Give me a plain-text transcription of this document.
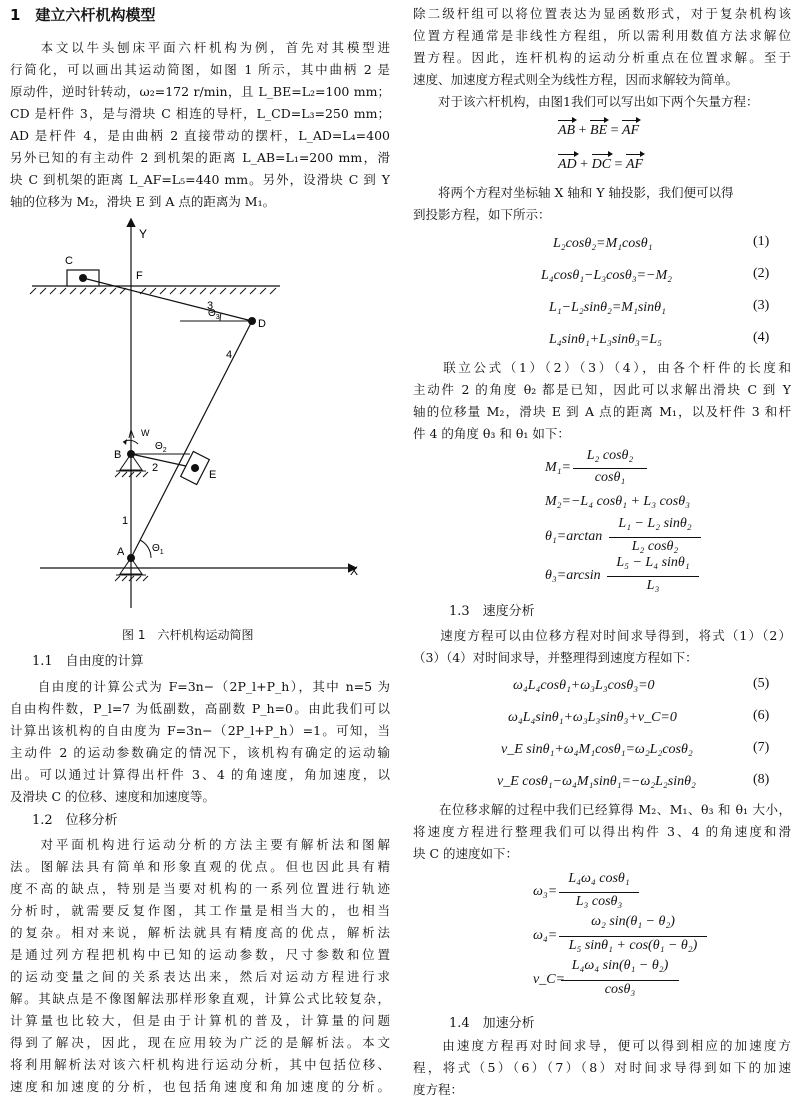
1　建立六杆机构模型
　　本文以牛头刨床平面六杆机构为例，首先对其模型进
行简化，可以画出其运动简图，如图 1 所示，其中曲柄 2 是
原动件，逆时针转动，ω₂=172 r/min，且 L_BE=L₂=100 mm；
CD 是杆件 3，是与滑块 C 相连的导杆，L_CD=L₃=250 mm；
AD 是杆件 4，是由曲柄 2 直接带动的摆杆，L_AD=L₄=400
另外已知的有主动件 2 到机架的距离 L_AB=L₁=200 mm，滑
块 C 到机架的距离 L_AF=L₅=440 mm。另外，设滑块 C 到 Y
轴的位移为 M₂，滑块 E 到 A 点的距离为 M₁。
Y
X
C
F
D
B
E
A
W
$\Theta_3$
$\Theta_2$
$\Theta_1$
1
2
3
4
图 1　六杆机构运动简图
1.1　自由度的计算
　　自由度的计算公式为 F=3n−（2P_l+P_h），其中 n=5 为
自由构件数，P_l=7 为低副数，高副数 P_h=0。由此我们可以
计算出该机构的自由度为 F=3n−（2P_l+P_h）=1。可知，当
主动件 2 的运动参数确定的情况下，该机构有确定的运动输
出。可以通过计算得出杆件 3、4 的角速度，角加速度，以
及滑块 C 的位移、速度和加速度等。
1.2　位移分析
　　对平面机构进行运动分析的方法主要有解析法和图解
法。图解法具有简单和形象直观的优点。但也因此具有精
度不高的缺点，特别是当要对机构的一系列位置进行轨迹
分析时，就需要反复作图，其工作量是相当大的，也相当
的复杂。相对来说，解析法就具有精度高的优点，解析法
是通过列方程把机构中已知的运动参数，尺寸参数和位置
的运动变量之间的关系表达出来，然后对运动方程进行求
解。其缺点是不像图解法那样形象直观，计算公式比较复杂，
计算量也比较大，但是由于计算机的普及，计算量的问题
得到了解决，因此，现在应用较为广泛的是解析法。本文
将利用解析法对该六杆机构进行运动分析，其中包括位移、
速度和加速度的分析，也包括角速度和角加速度的分析。
除二级杆组可以将位置表达为显函数形式，对于复杂机构该
位置方程通常是非线性方程组，所以需利用数值方法求解位
置方程。因此，连杆机构的运动分析重点在位置求解。至于
速度、加速度方程式则全为线性方程，因而求解较为简单。
　　对于该六杆机构，由图1我们可以写出如下两个矢量方程：
AB + BE = AF
AD + DC = AF
　　将两个方程对坐标轴 X 轴和 Y 轴投影，我们便可以得
到投影方程，如下所示：
L₂cosθ₂=M₁cosθ₁	(1)
L₄cosθ₁−L₃cosθ₃=−M₂	(2)
L₁−L₂sinθ₂=M₁sinθ₁	(3)
L₄sinθ₁+L₃sinθ₃=L₅	(4)
　　联立公式（1）（2）（3）（4），由各个杆件的长度和
主动件 2 的角度 θ₂ 都是已知，因此可以求解出滑块 C 到 Y
轴的位移量 M₂，滑块 E 到 A 点的距离 M₁，以及杆件 3 和杆
件 4 的角度 θ₃ 和 θ₁ 如下：
M₁=
L₂ cosθ₂
cosθ₁
M₂=−L₄ cosθ₁ + L₃ cosθ₃
θ₁=arctan
L₁ − L₂ sinθ₂
L₂ cosθ₂
θ₃=arcsin
L₅ − L₄ sinθ₁
L₃
1.3　速度分析
　　速度方程可以由位移方程对时间求导得到，将式（1）（2）
（3）（4）对时间求导，并整理得到速度方程如下：
ω₄L₄cosθ₁+ω₃L₃cosθ₃=0	(5)
ω₄L₄sinθ₁+ω₃L₃sinθ₃+v_C=0	(6)
v_E sinθ₁+ω₄M₁cosθ₁=ω₂L₂cosθ₂	(7)
v_E cosθ₁−ω₄M₁sinθ₁=−ω₂L₂sinθ₂	(8)
　　在位移求解的过程中我们已经算得 M₂、M₁、θ₃ 和 θ₁ 大小，
将速度方程进行整理我们可以得出构件 3、4 的角速度和滑
块 C 的速度如下：
ω₃=
L₄ω₄ cosθ₁
L₃ cosθ₃
ω₄=
ω₂ sin(θ₁ − θ₂)
L₅ sinθ₁ + cos(θ₁ − θ₂)
v_C=
L₄ω₄ sin(θ₁ − θ₂)
cosθ₃
1.4　加速分析
　　由速度方程再对时间求导，便可以得到相应的加速度方
程，将式（5）（6）（7）（8）对时间求导得到如下的加速
度方程：
